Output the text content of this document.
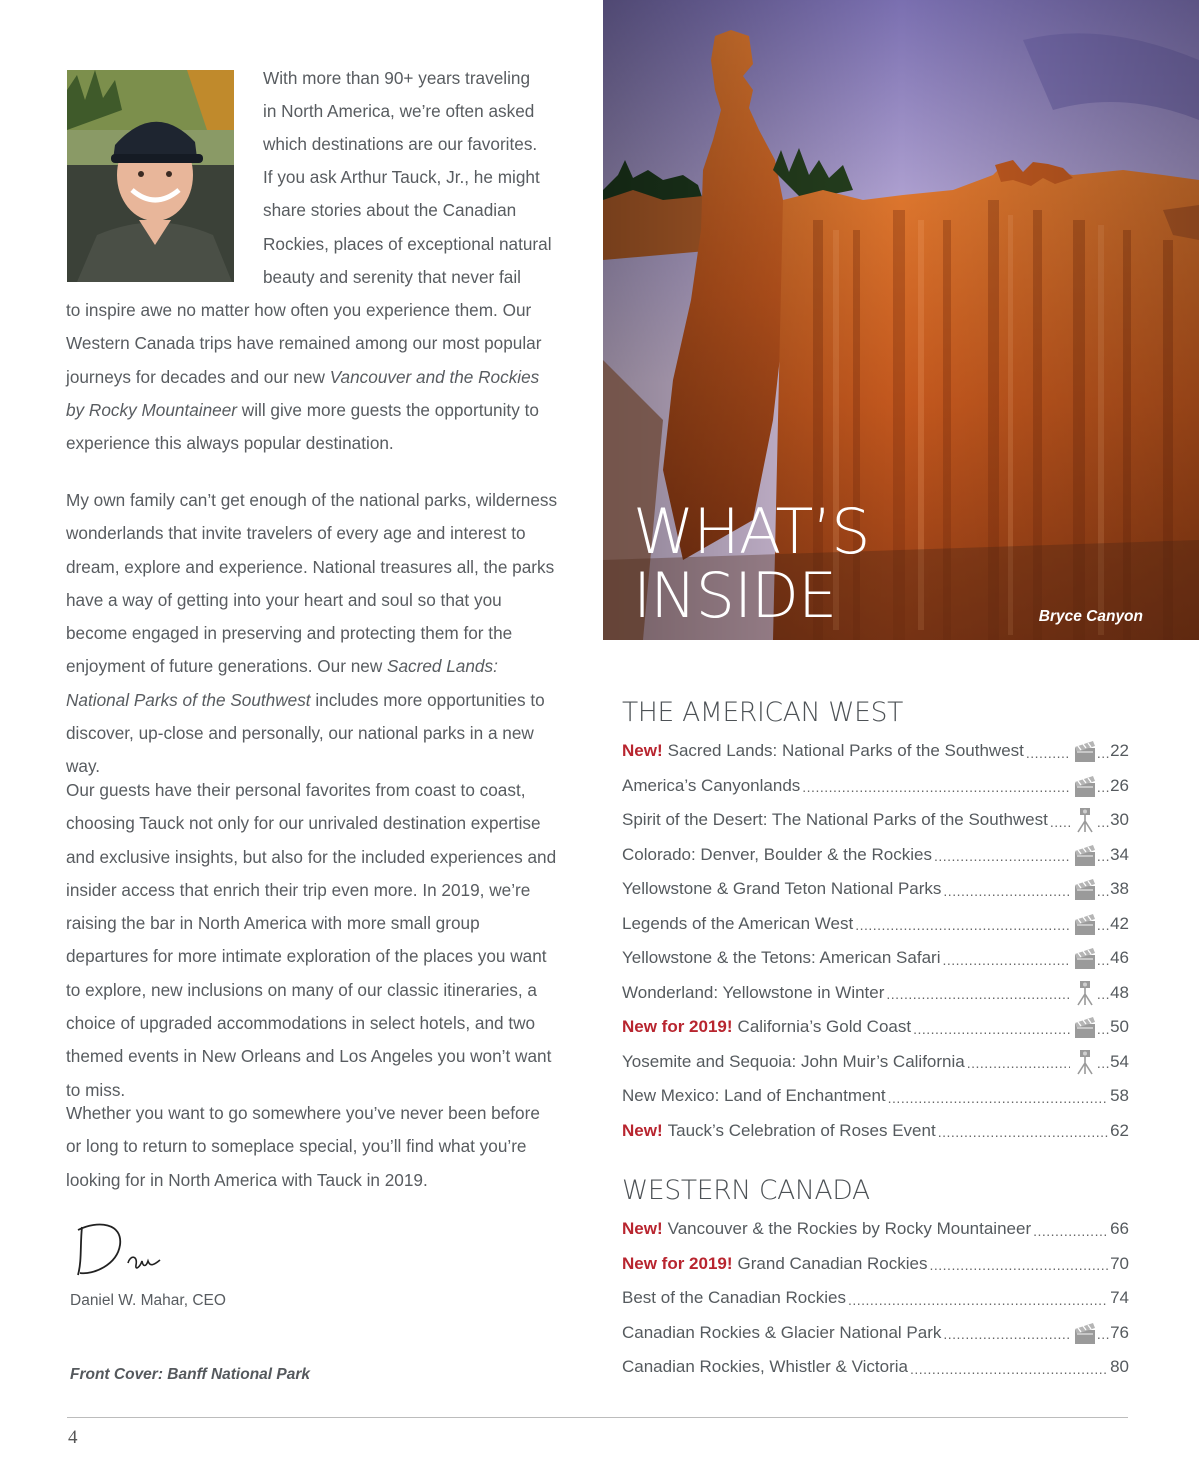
With more than 90+ years traveling
in North America, we’re often asked
which destinations are our favorites.
If you ask Arthur Tauck, Jr., he might
share stories about the Canadian
Rockies, places of exceptional natural
beauty and serenity that never fail

to inspire awe no matter how often you experience them. Our Western Canada trips have remained among our most popular journeys for decades and our new Vancouver and the Rockies by Rocky Mountaineer will give more guests the opportunity to experience this always popular destination.

My own family can’t get enough of the national parks, wilderness wonderlands that invite travelers of every age and interest to dream, explore and experience. National treasures all, the parks have a way of getting into your heart and soul so that you become engaged in preserving and protecting them for the enjoyment of future generations. Our new Sacred Lands: National Parks of the Southwest includes more opportunities to discover, up-close and personally, our national parks in a new way.

Our guests have their personal favorites from coast to coast, choosing Tauck not only for our unrivaled destination expertise and exclusive insights, but also for the included experiences and insider access that enrich their trip even more. In 2019, we’re raising the bar in North America with more small group departures for more intimate exploration of the places you want to explore, new inclusions on many of our classic itineraries, a choice of upgraded accommodations in select hotels, and two themed events in New Orleans and Los Angeles you won’t want to miss.

Whether you want to go somewhere you’ve never been before or long to return to someplace special, you’ll find what you’re looking for in North America with Tauck in 2019.

Daniel W. Mahar, CEO
Front Cover: Banff National Park
4
WHAT’S
INSIDE	Bryce Canyon
THE AMERICAN WEST
New! Sacred Lands: National Parks of the Southwest .....	... 22
America’s Canyonlands .....	... 26
Spirit of the Desert: The National Parks of the Southwest .....	... 30
Colorado: Denver, Boulder & the Rockies .....	... 34
Yellowstone & Grand Teton National Parks .....	... 38
Legends of the American West .....	... 42
Yellowstone & the Tetons: American Safari .....	... 46
Wonderland: Yellowstone in Winter .....	... 48
New for 2019! California’s Gold Coast .....	... 50
Yosemite and Sequoia: John Muir’s California .....	... 54
New Mexico: Land of Enchantment .....	58
New! Tauck’s Celebration of Roses Event .....	62
WESTERN CANADA
New! Vancouver & the Rockies by Rocky Mountaineer .....	66
New for 2019! Grand Canadian Rockies .....	70
Best of the Canadian Rockies .....	74
Canadian Rockies & Glacier National Park .....	... 76
Canadian Rockies, Whistler & Victoria .....	80
